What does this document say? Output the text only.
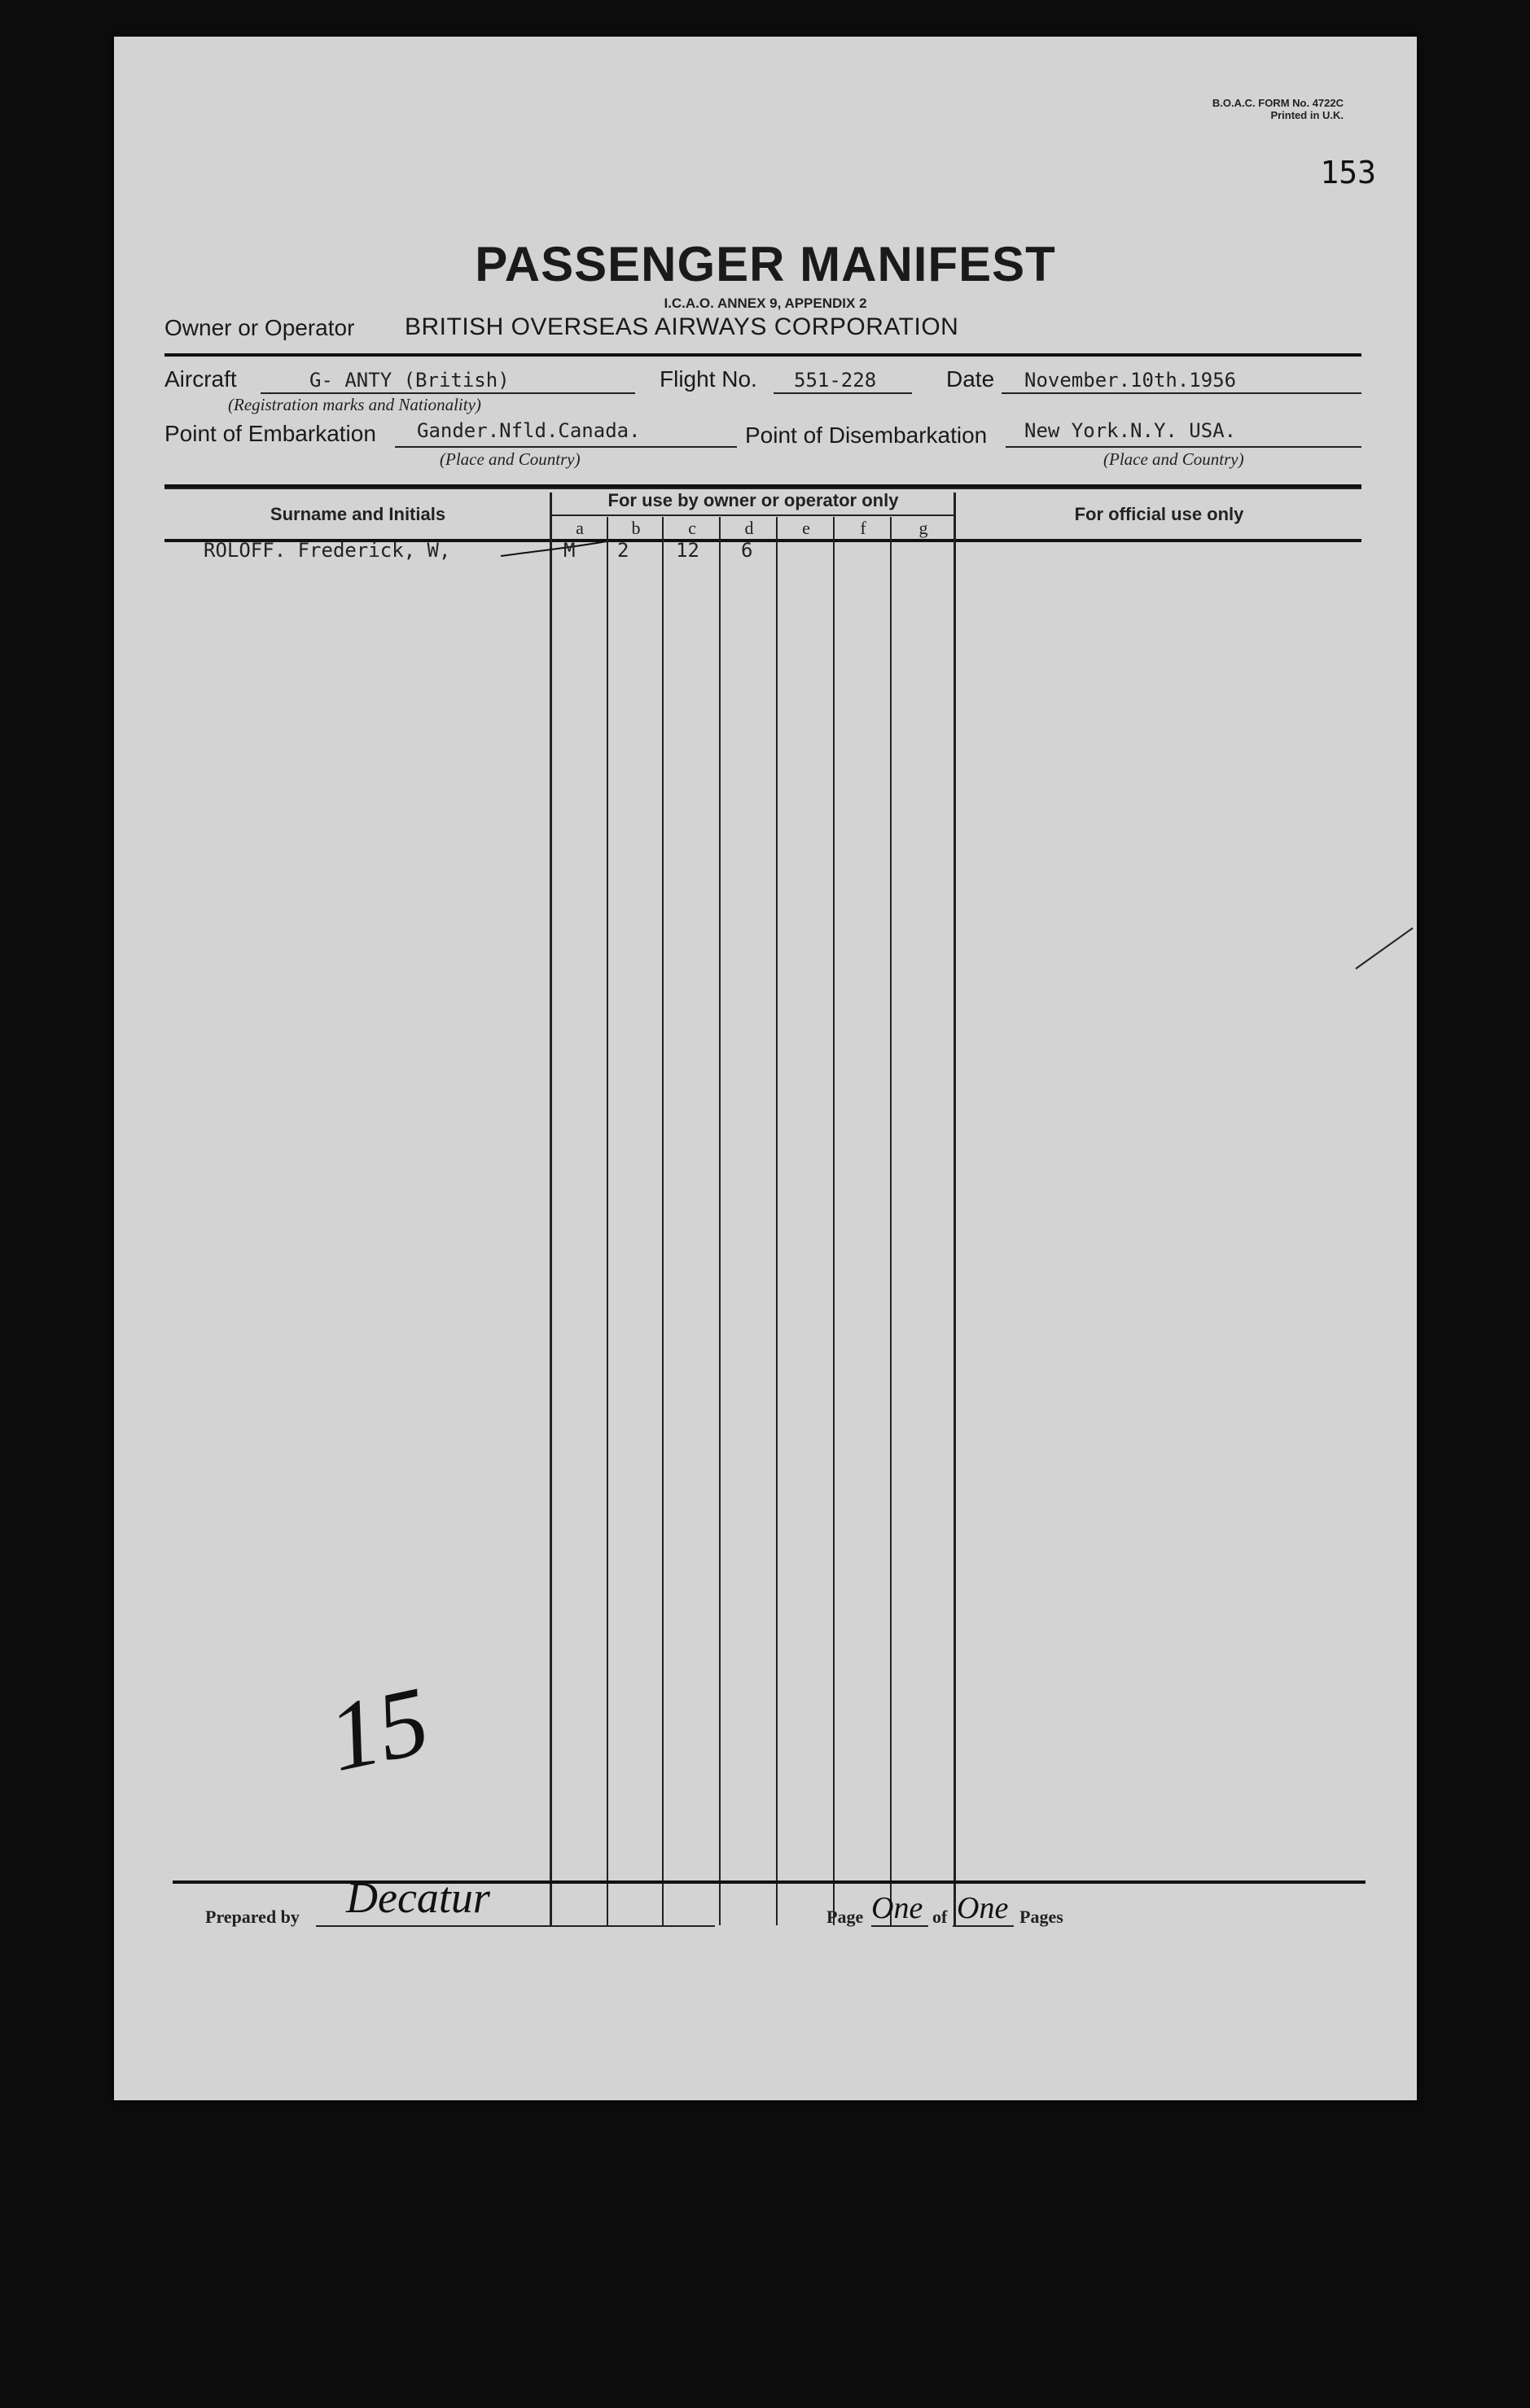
B.O.A.C. FORM No. 4722C
Printed in U.K.
153
PASSENGER MANIFEST
I.C.A.O. ANNEX 9, APPENDIX 2
Owner or Operator BRITISH OVERSEAS AIRWAYS CORPORATION
Aircraft	G- ANTY (British)
(Registration marks and Nationality)
Flight No. 551-228	Date November.10th.1956
Point of Embarkation Gander.Nfld.Canada.
(Place and Country)
Point of Disembarkation New York.N.Y. USA.
(Place and Country)
Surname and Initials
For use by owner or operator only
For official use only
a	b	c	d	e	f	g
ROLOFF. Frederick, W,	M 2 12 6
15
Prepared by Decatur	Page One of One Pages
